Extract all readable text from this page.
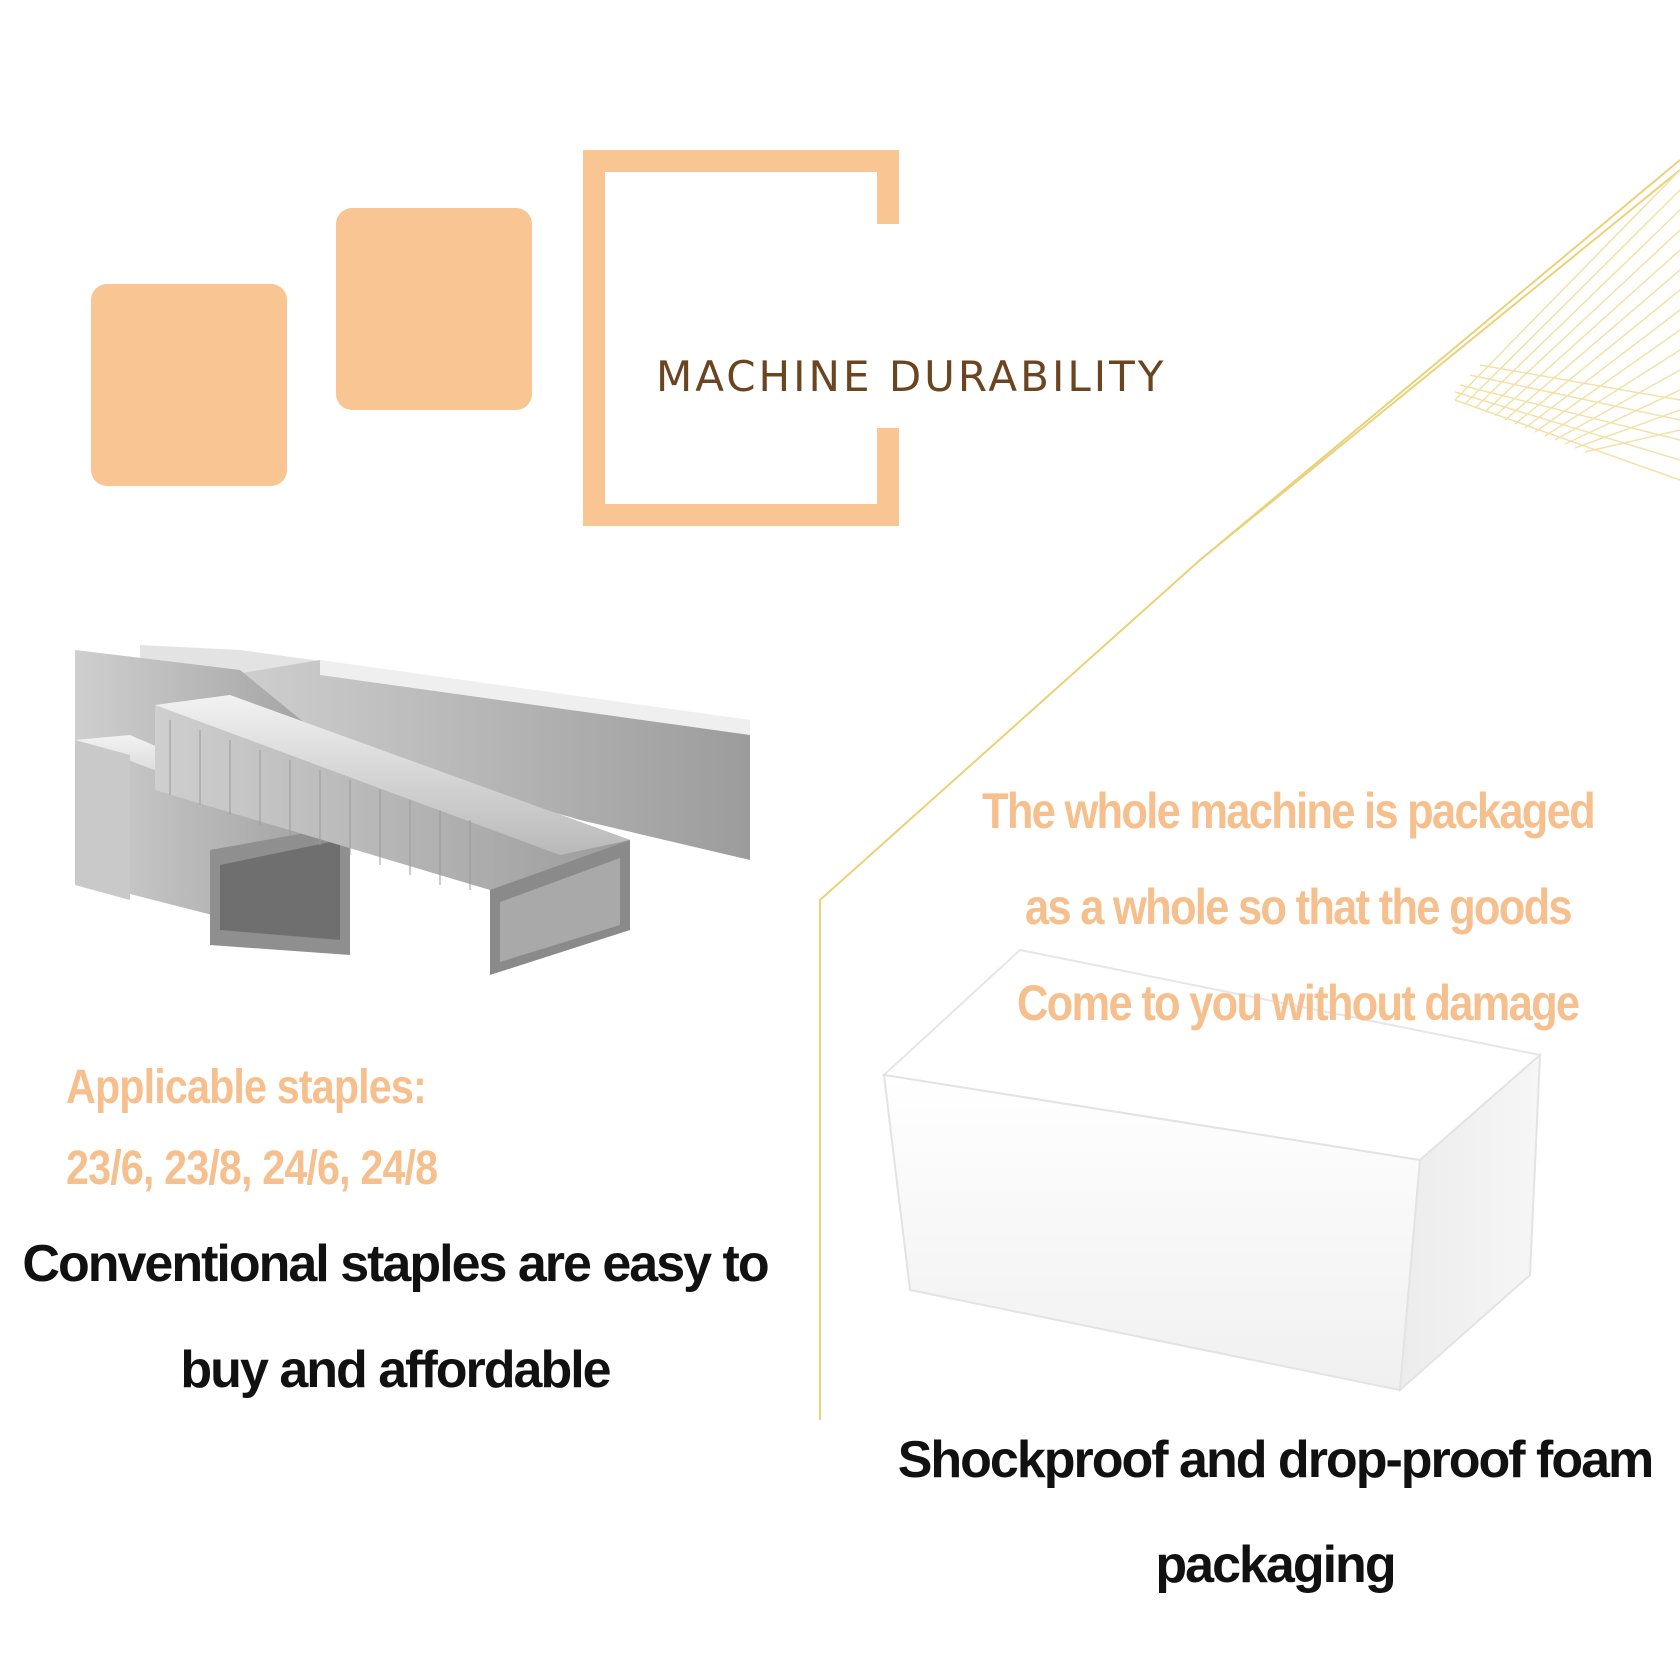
MACHINE DURABILITY
The whole machine is packaged
as a whole so that the goods
Come to you without damage
Applicable staples:
23/6, 23/8, 24/6, 24/8
Conventional staples are easy to
buy and affordable
Shockproof and drop-proof foam
packaging
